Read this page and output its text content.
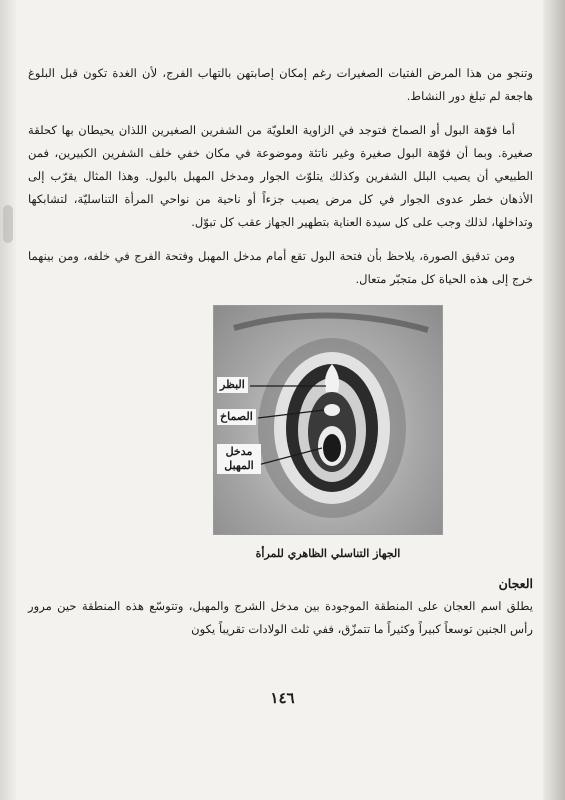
وتنجو من هذا المرض الفتيات الصغيرات رغم إمكان إصابتهن بالتهاب الفرج، لأن الغدة تكون قبل البلوغ هاجعة لم تبلغ دور النشاط.

أما فوّهة البول أو الصماخ فتوجد في الزاوية العلويّة من الشفرين الصغيرين اللذان يحيطان بها كحلقة صغيرة. وبما أن فوّهة البول صغيرة وغير ناتئة وموضوعة في مكان خفي خلف الشفرين الكبيرين، فمن الطبيعي أن يصيب البلل الشفرين وكذلك يتلوّث الجوار ومدخل المهبل بالبول. وهذا المثال يقرّب إلى الأذهان خطر عدوى الجوار في كل مرض يصيب جزءاً أو ناحية من نواحي المرأة التناسليّة، لتشابكها وتداخلها، لذلك وجب على كل سيدة العناية بتطهير الجهاز عقب كل تبوّل.

ومن تدقيق الصورة، يلاحظ بأن فتحة البول تقع أمام مدخل المهبل وفتحة الفرج في خلفه، ومن بينهما خرج إلى هذه الحياة كل متجبّر متعال.

البظر
الصماخ
مدخل المهبل
الجهاز التناسلي الظاهري للمرأة
العجان

يطلق اسم العجان على المنطقة الموجودة بين مدخل الشرج والمهبل، وتتوسّع هذه المنطقة حين مرور رأس الجنين توسعاً كبيراً وكثيراً ما تتمزّق، ففي ثلث الولادات تقريباً يكون

١٤٦
